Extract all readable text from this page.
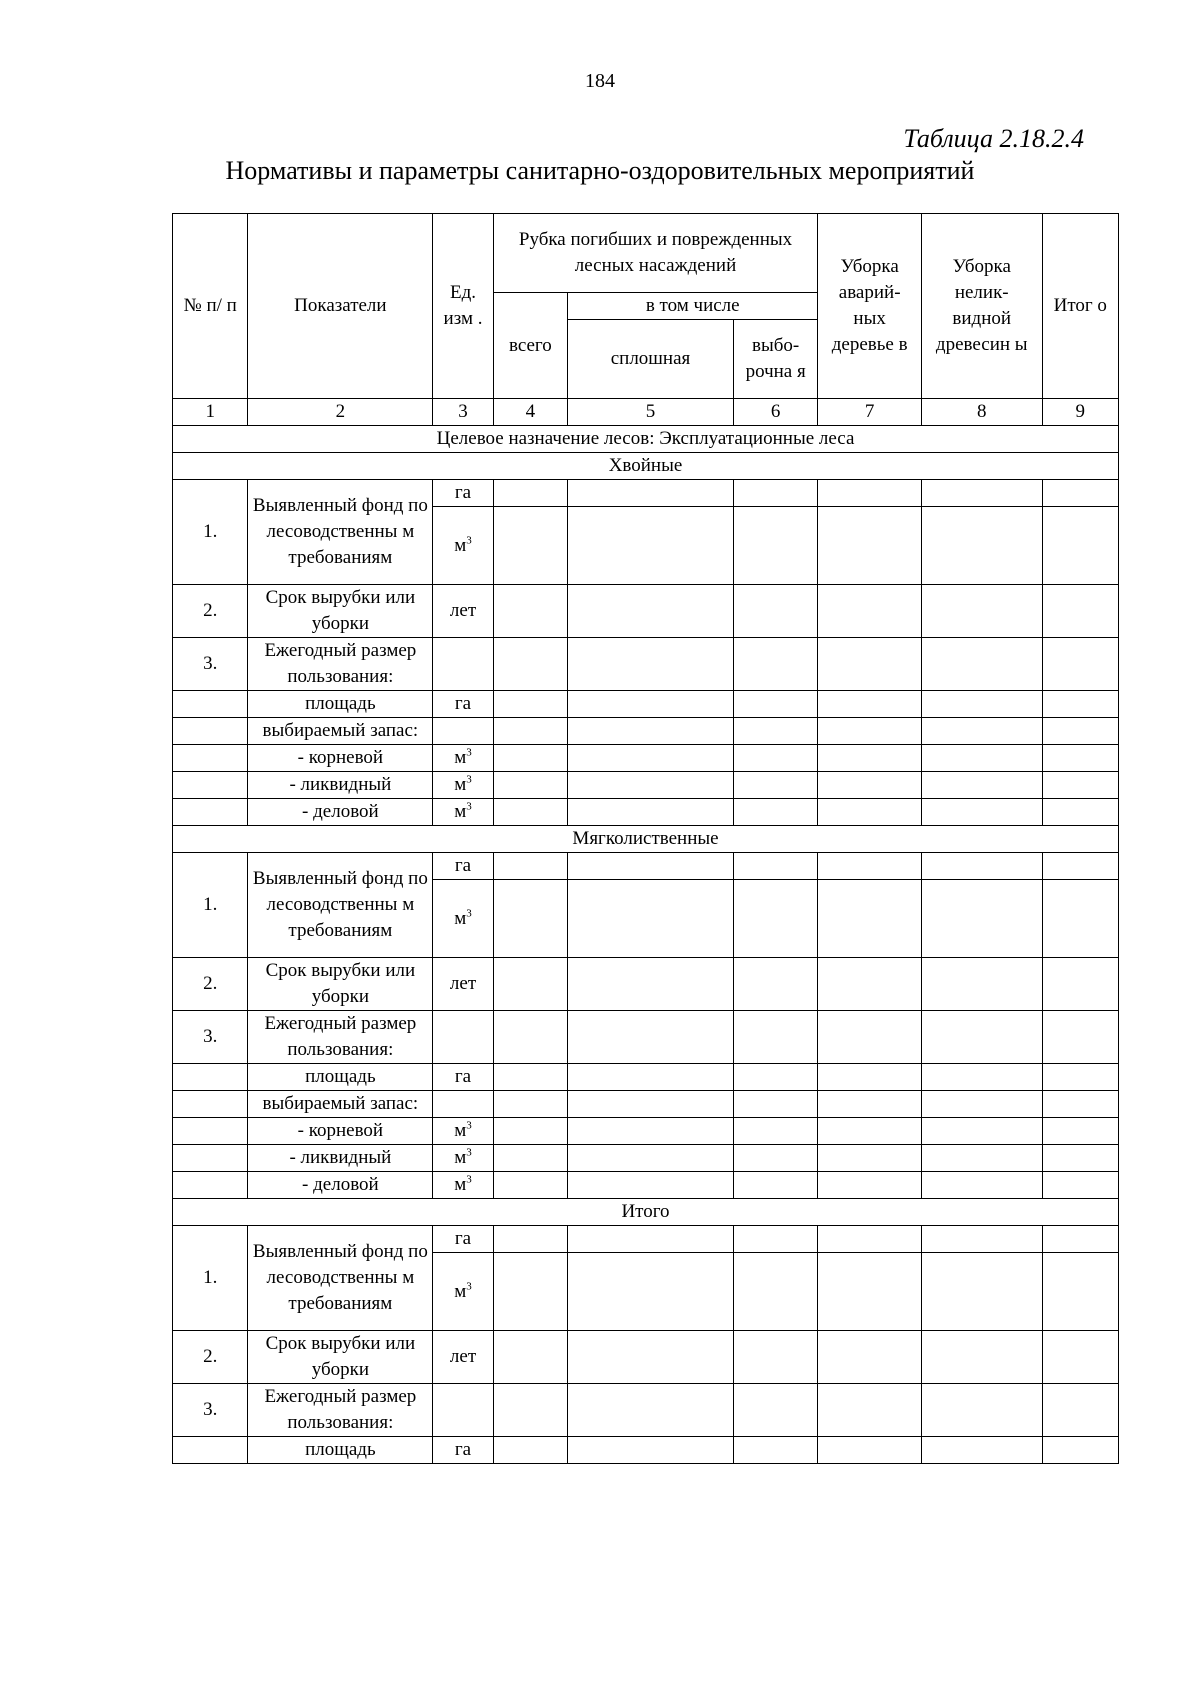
184
Таблица 2.18.2.4
Нормативы и параметры санитарно-оздоровительных мероприятий
№ п/ п	Показатели	Ед. изм .	Рубка погибших и поврежденных лесных насаждений			Уборка аварий- ных деревье в	Уборка нелик- видной древесин ы	Итог о
			всего	в том числе				
				сплошная	выбо- рочна я			

1	2	3	4	5	6	7	8	9
Целевое назначение лесов: Эксплуатационные леса								
Хвойные								
1.	Выявленный фонд по лесоводственны м требованиям	га						
		$м^3$						
2.	Срок вырубки или уборки	лет						
3.	Ежегодный размер пользования:							
	площадь	га						
	выбираемый запас:							
	- корневой	$м^3$						
	- ликвидный	$м^3$						
	- деловой	$м^3$						
Мягколиственные								
1.	Выявленный фонд по лесоводственны м требованиям	га						
		$м^3$						
2.	Срок вырубки или уборки	лет						
3.	Ежегодный размер пользования:							
	площадь	га						
	выбираемый запас:							
	- корневой	$м^3$						
	- ликвидный	$м^3$						
	- деловой	$м^3$						
Итого								
1.	Выявленный фонд по лесоводственны м требованиям	га						
		$м^3$						
2.	Срок вырубки или уборки	лет						
3.	Ежегодный размер пользования:							
	площадь	га						
